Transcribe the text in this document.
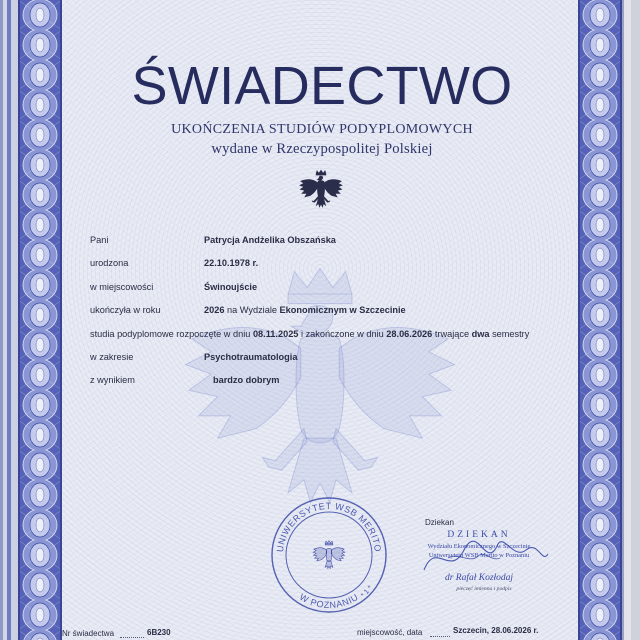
ŚWIADECTWO
UKOŃCZENIA STUDIÓW PODYPLOMOWYCH
wydane w Rzeczypospolitej Polskiej
Pani	Patrycja Andżelika Obszańska
urodzona	22.10.1978 r.
w miejscowości	Świnoujście
ukończyła w roku	2026 na Wydziale Ekonomicznym w Szczecinie
studia podyplomowe rozpoczęte w dniu 08.11.2025 i zakończone w dniu 28.06.2026 trwające dwa semestry
w zakresie	Psychotraumatologia
z wynikiem	bardzo dobrym
UNIWERSYTET WSB MERITO
W POZNANIU * 1 *
Dziekan
DZIEKAN
Wydziału Ekonomicznego w Szczecinie
Uniwersytetu WSB Merito w Poznaniu
dr Rafał Kozłodaj
pieczęć imienna i podpis
Nr świadectwa	6B230	miejscowość, data	Szczecin, 28.06.2026 r.
